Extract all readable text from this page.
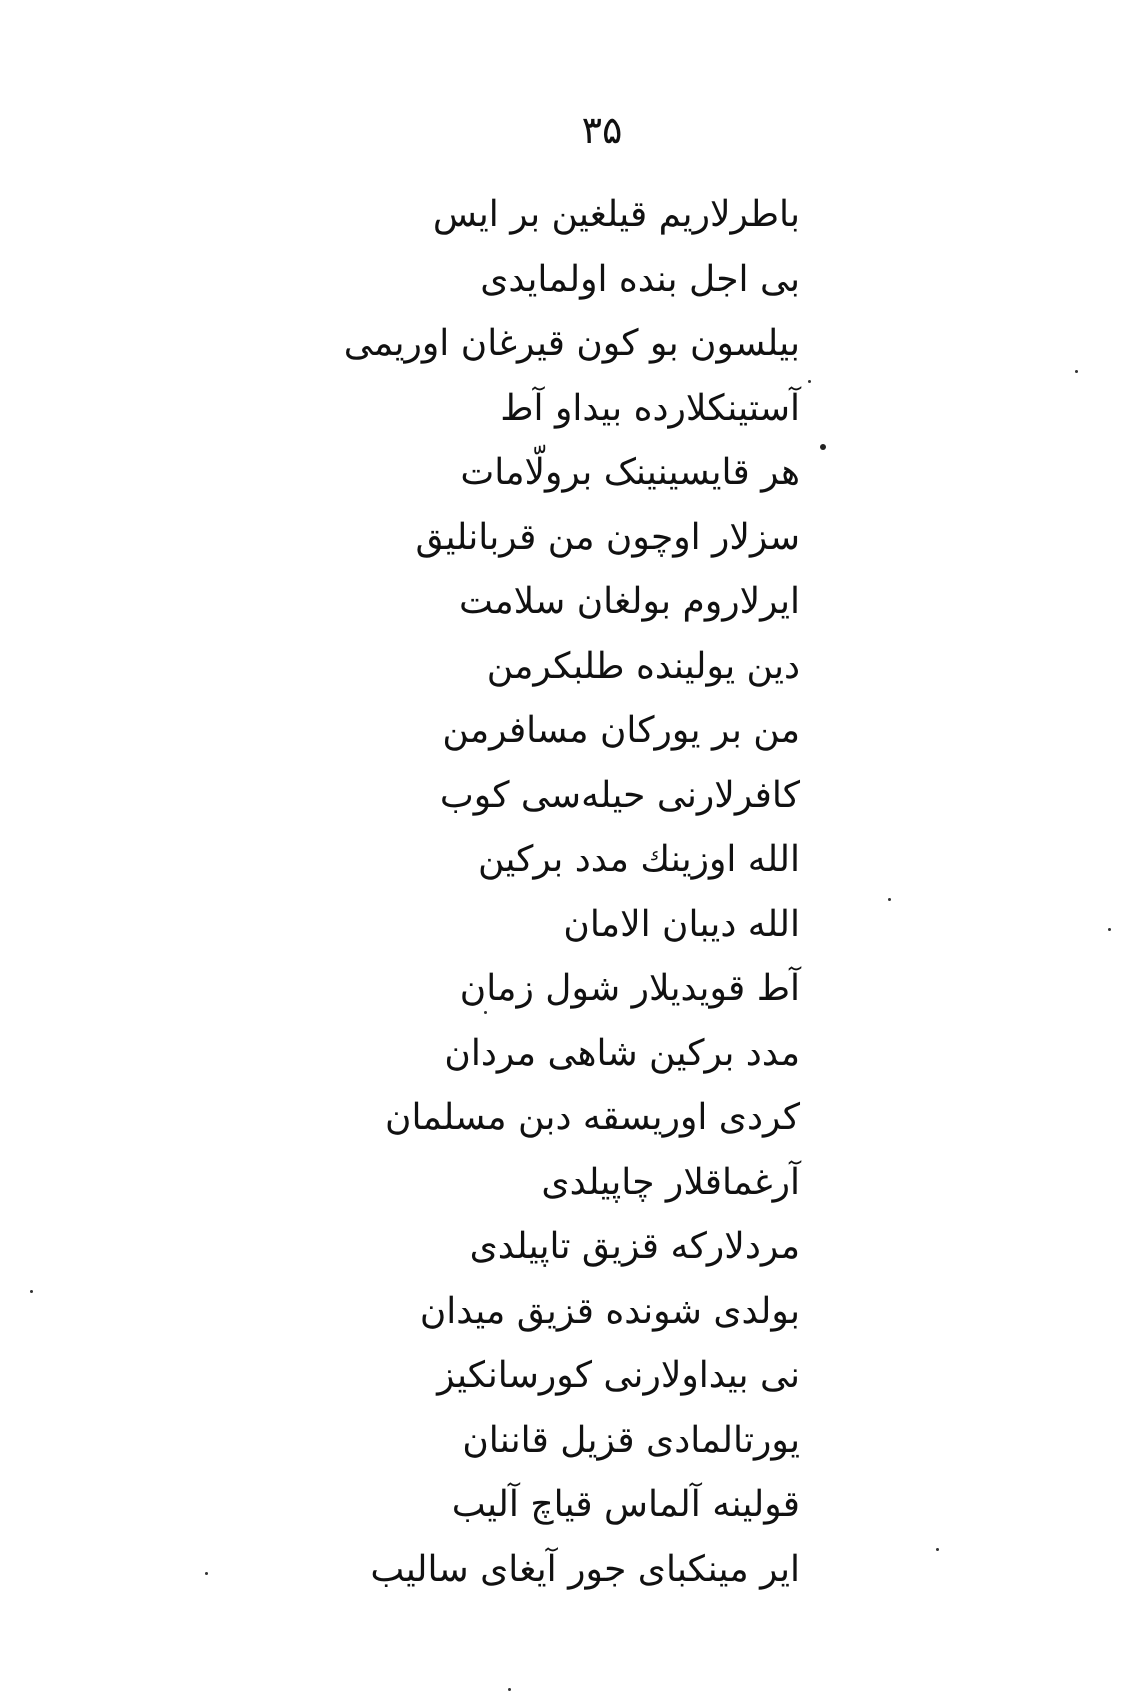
۳۵
باطرلاریم قیلغین بر ایس
بی اجل بنده اولمایدی
بیلسون بو کون قیرغان اوریمی
آستینکلارده بیداو آط
هر قایسینینک برولّامات
سزلار اوچون من قربانلیق
ایرلاروم بولغان سلامت
دین یولینده طلبکرمن
من بر یورکان مسافرمن
کافرلارنی حیله‌سی کوب
الله اوزینك مدد برکین
الله دیبان الامان
آط قویدیلار شول زمان
مدد برکین شاهی مردان
کردی اوریسقه دبن مسلمان
آرغماقلار چاپیلدی
مردلارکه قزیق تاپیلدی
بولدی شونده قزیق میدان
نی بیداولارنی کورسانکیز
یورتالمادی قزیل قاننان
قولینه آلماس قیاچ آلیب
ایر مینکبای جور آیغای سالیب
